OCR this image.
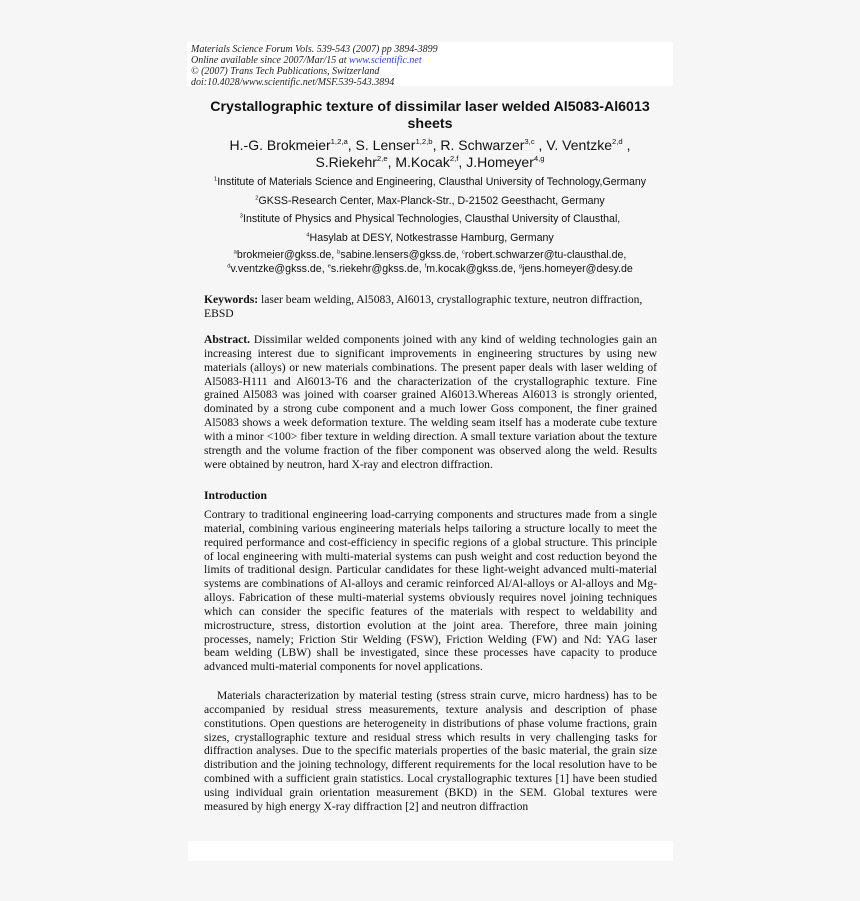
Materials Science Forum Vols. 539-543 (2007) pp 3894-3899
Online available since 2007/Mar/15 at www.scientific.net
© (2007) Trans Tech Publications, Switzerland
doi:10.4028/www.scientific.net/MSF.539-543.3894
Crystallographic texture of dissimilar laser welded Al5083-Al6013 sheets
H.-G. Brokmeier$^{1,2,a}$, S. Lenser$^{1,2,b}$, R. Schwarzer$^{3,c}$ , V. Ventzke$^{2,d}$ ,
S.Riekehr$^{2,e}$, M.Kocak$^{2,f}$, J.Homeyer$^{4,g}$
$^1$Institute of Materials Science and Engineering, Clausthal University of Technology,Germany
$^2$GKSS-Research Center, Max-Planck-Str., D-21502 Geesthacht, Germany
$^3$Institute of Physics and Physical Technologies, Clausthal University of Clausthal,
$^4$Hasylab at DESY, Notkestrasse Hamburg, Germany
$^a$brokmeier@gkss.de, $^b$sabine.lensers@gkss.de, $^c$robert.schwarzer@tu-clausthal.de,
$^d$v.ventzke@gkss.de, $^e$s.riekehr@gkss.de, $^f$m.kocak@gkss.de, $^g$jens.homeyer@desy.de
Keywords: laser beam welding, Al5083, Al6013, crystallographic texture, neutron diffraction, EBSD
Abstract. Dissimilar welded components joined with any kind of welding technologies gain an increasing interest due to significant improvements in engineering structures by using new materials (alloys) or new materials combinations. The present paper deals with laser welding of Al5083-H111 and Al6013-T6 and the characterization of the crystallographic texture. Fine grained Al5083 was joined with coarser grained Al6013.Whereas Al6013 is strongly oriented, dominated by a strong cube component and a much lower Goss component, the finer grained Al5083 shows a week deformation texture. The welding seam itself has a moderate cube texture with a minor <100> fiber texture in welding direction. A small texture variation about the texture strength and the volume fraction of the fiber component was observed along the weld. Results were obtained by neutron, hard X-ray and electron diffraction.
Introduction
Contrary to traditional engineering load-carrying components and structures made from a single material, combining various engineering materials helps tailoring a structure locally to meet the required performance and cost-efficiency in specific regions of a global structure. This principle of local engineering with multi-material systems can push weight and cost reduction beyond the limits of traditional design. Particular candidates for these light-weight advanced multi-material systems are combinations of Al-alloys and ceramic reinforced Al/Al-alloys or Al-alloys and Mg-alloys. Fabrication of these multi-material systems obviously requires novel joining techniques which can consider the specific features of the materials with respect to weldability and microstructure, stress, distortion evolution at the joint area. Therefore, three main joining processes, namely; Friction Stir Welding (FSW), Friction Welding (FW) and Nd: YAG laser beam welding (LBW) shall be investigated, since these processes have capacity to produce advanced multi-material components for novel applications.
Materials characterization by material testing (stress strain curve, micro hardness) has to be accompanied by residual stress measurements, texture analysis and description of phase constitutions. Open questions are heterogeneity in distributions of phase volume fractions, grain sizes, crystallographic texture and residual stress which results in very challenging tasks for diffraction analyses. Due to the specific materials properties of the basic material, the grain size distribution and the joining technology, different requirements for the local resolution have to be combined with a sufficient grain statistics. Local crystallographic textures [1] have been studied using individual grain orientation measurement (BKD) in the SEM. Global textures were measured by high energy X-ray diffraction [2] and neutron diffraction
